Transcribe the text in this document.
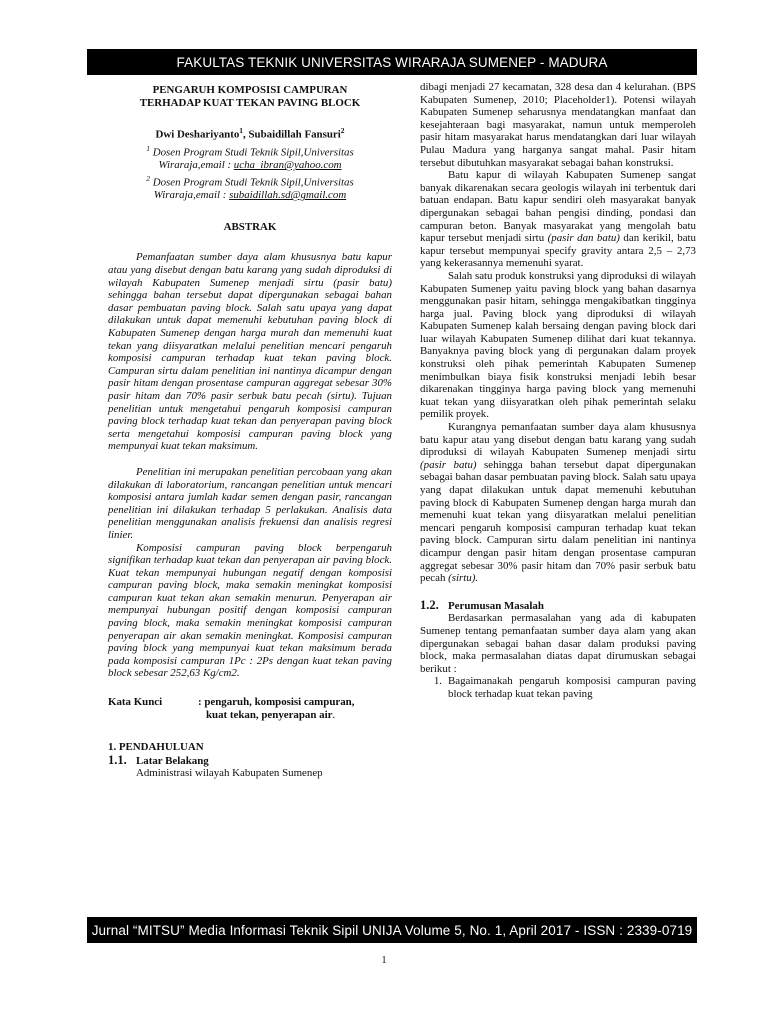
FAKULTAS TEKNIK UNIVERSITAS WIRARAJA SUMENEP - MADURA
PENGARUH KOMPOSISI CAMPURAN
TERHADAP KUAT TEKAN PAVING BLOCK
Dwi Deshariyanto$^1$, Subaidillah Fansuri$^2$
$^1$ Dosen Program Studi Teknik Sipil,Universitas
Wiraraja,email : ucha_ibran@yahoo.com
$^2$ Dosen Program Studi Teknik Sipil,Universitas
Wiraraja,email : subaidillah.sd@gmail.com
ABSTRAK

Pemanfaatan sumber daya alam khususnya batu kapur atau yang disebut dengan batu karang yang sudah diproduksi di wilayah Kabupaten Sumenep menjadi sirtu (pasir batu) sehingga bahan tersebut dapat dipergunakan sebagai bahan dasar pembuatan paving block. Salah satu upaya yang dapat dilakukan untuk dapat memenuhi kebutuhan paving block di Kabupaten Sumenep dengan harga murah dan memenuhi kuat tekan yang diisyaratkan melalui penelitian mencari pengaruh komposisi campuran terhadap kuat tekan paving block. Campuran sirtu dalam penelitian ini nantinya dicampur dengan pasir hitam dengan prosentase campuran aggregat sebesar 30% pasir hitam dan 70% pasir serbuk batu pecah (sirtu). Tujuan penelitian untuk mengetahui pengaruh komposisi campuran paving block terhadap kuat tekan dan penyerapan paving block serta mengetahui komposisi campuran paving block yang mempunyai kuat tekan maksimum.

Penelitian ini merupakan penelitian percobaan yang akan dilakukan di laboratorium, rancangan penelitian untuk mencari komposisi antara jumlah kadar semen dengan pasir, rancangan penelitian ini dilakukan terhadap 5 perlakukan. Analisis data penelitian menggunakan analisis frekuensi dan analisis regresi linier.

Komposisi campuran paving block berpengaruh signifikan terhadap kuat tekan dan penyerapan air paving block. Kuat tekan mempunyai hubungan negatif dengan komposisi campuran paving block, maka semakin meningkat komposisi campuran kuat tekan akan semakin menurun. Penyerapan air mempunyai hubungan positif dengan komposisi campuran paving block, maka semakin meningkat komposisi campuran penyerapan air akan semakin meningkat. Komposisi campuran paving block yang mempunyai kuat tekan maksimum berada pada komposisi campuran 1Pc : 2Ps dengan kuat tekan paving block sebesar 252,63 Kg/cm2.

Kata Kunci	: pengaruh, komposisi campuran,
kuat tekan, penyerapan air.
1. PENDAHULUAN
1.1. Latar Belakang

Administrasi wilayah Kabupaten Sumenep

dibagi menjadi 27 kecamatan, 328 desa dan 4 kelurahan. (BPS Kabupaten Sumenep, 2010; Placeholder1). Potensi wilayah Kabupaten Sumenep seharusnya mendatangkan manfaat dan kesejahteraan bagi masyarakat, namun untuk memperoleh pasir hitam masyarakat harus mendatangkan dari luar wilayah Pulau Madura yang harganya sangat mahal. Pasir hitam tersebut dibutuhkan masyarakat sebagai bahan konstruksi.

Batu kapur di wilayah Kabupaten Sumenep sangat banyak dikarenakan secara geologis wilayah ini terbentuk dari batuan endapan. Batu kapur sendiri oleh masyarakat banyak dipergunakan sebagai bahan pengisi dinding, pondasi dan campuran beton. Banyak masyarakat yang mengolah batu kapur tersebut menjadi sirtu (pasir dan batu) dan kerikil, batu kapur tersebut mempunyai specify gravity antara 2,5 – 2,73 yang kekerasannya memenuhi syarat.

Salah satu produk konstruksi yang diproduksi di wilayah Kabupaten Sumenep yaitu paving block yang bahan dasarnya menggunakan pasir hitam, sehingga mengakibatkan tingginya harga jual. Paving block yang diproduksi di wilayah Kabupaten Sumenep kalah bersaing dengan paving block dari luar wilayah Kabupaten Sumenep dilihat dari kuat tekannya. Banyaknya paving block yang di pergunakan dalam proyek konstruksi oleh pihak pemerintah Kabupaten Sumenep menimbulkan biaya fisik konstruksi menjadi lebih besar dikarenakan tingginya harga paving block yang memenuhi kuat tekan yang diisyaratkan oleh pihak pemerintah selaku pemilik proyek.

Kurangnya pemanfaatan sumber daya alam khususnya batu kapur atau yang disebut dengan batu karang yang sudah diproduksi di wilayah Kabupaten Sumenep menjadi sirtu (pasir batu) sehingga bahan tersebut dapat dipergunakan sebagai bahan dasar pembuatan paving block. Salah satu upaya yang dapat dilakukan untuk dapat memenuhi kebutuhan paving block di Kabupaten Sumenep dengan harga murah dan memenuhi kuat tekan yang diisyaratkan melalui penelitian mencari pengaruh komposisi campuran terhadap kuat tekan paving block. Campuran sirtu dalam penelitian ini nantinya dicampur dengan pasir hitam dengan prosentase campuran aggregat sebesar 30% pasir hitam dan 70% pasir serbuk batu pecah (sirtu).

1.2. Perumusan Masalah

Berdasarkan permasalahan yang ada di kabupaten Sumenep tentang pemanfaatan sumber daya alam yang akan dipergunakan sebagai bahan dasar dalam produksi paving block, maka permasalahan diatas dapat dirumuskan sebagai berikut :

1. Bagaimanakah pengaruh komposisi campuran paving block terhadap kuat tekan paving

Jurnal “MITSU” Media Informasi Teknik Sipil UNIJA Volume 5, No. 1, April 2017 - ISSN : 2339-0719
1
